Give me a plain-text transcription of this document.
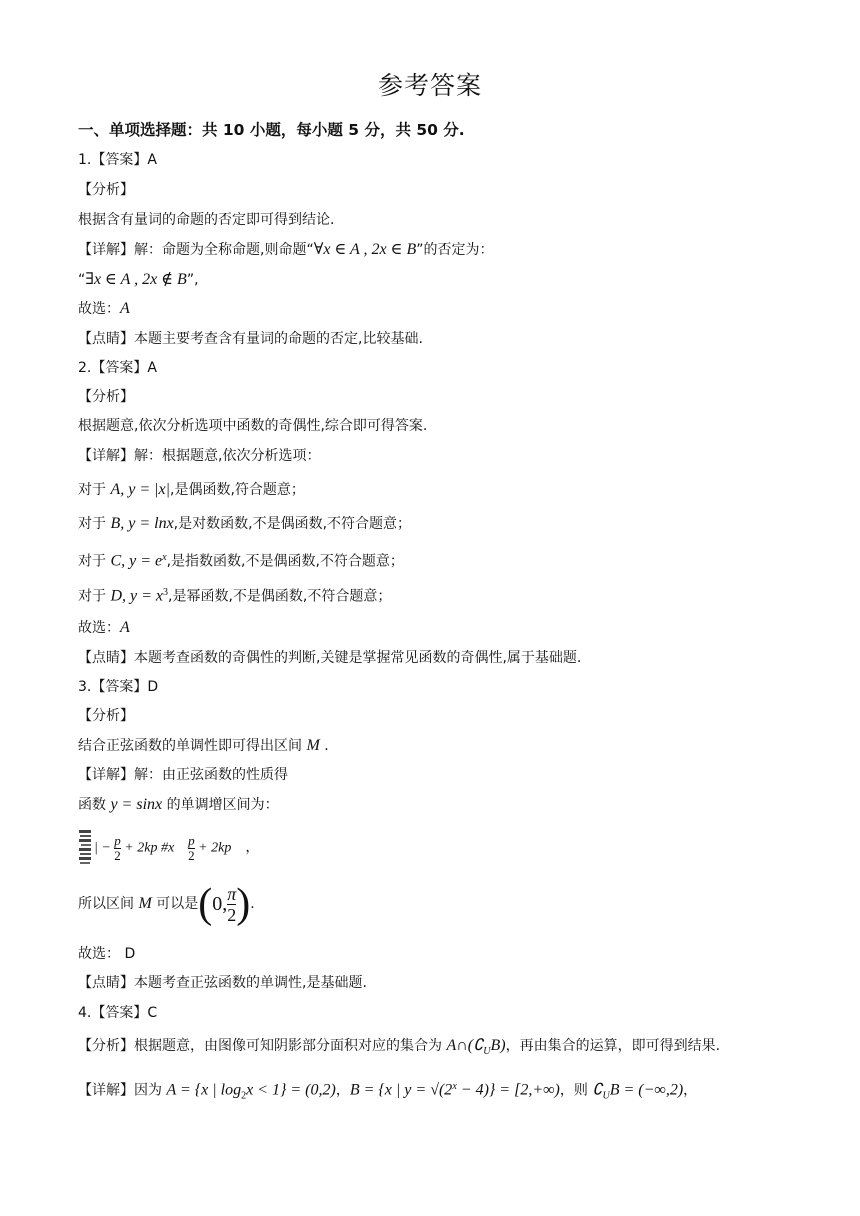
参考答案
一、单项选择题：共 10 小题，每小题 5 分，共 50 分.
1.【答案】A
【分析】
根据含有量词的命题的否定即可得到结论.
【详解】解：命题为全称命题,则命题“∀x ∈ A , 2x ∈ B”的否定为：
“∃x ∈ A , 2x ∉ B”,
故选：A
【点睛】本题主要考查含有量词的命题的否定,比较基础.
2.【答案】A
【分析】
根据题意,依次分析选项中函数的奇偶性,综合即可得答案.
【详解】解：根据题意,依次分析选项：
对于 A, y = |x|,是偶函数,符合题意；
对于 B, y = lnx,是对数函数,不是偶函数,不符合题意；
对于 C, $y = e^x$,是指数函数,不是偶函数,不符合题意；
对于 D, $y = x^3$,是幂函数,不是偶函数,不符合题意；
故选：A
【点睛】本题考查函数的奇偶性的判断,关键是掌握常见函数的奇偶性,属于基础题.
3.【答案】D
【分析】
结合正弦函数的单调性即可得出区间 M .
【详解】解：由正弦函数的性质得
函数 y = sinx 的单调增区间为：
| − $\frac{p}{2} + 2kp$ #x $\frac{p}{2} + 2kp$ ，
所以区间 M 可以是($0,\frac{\pi}{2}$ ).
故选： D
【点睛】本题考查正弦函数的单调性,是基础题.
4.【答案】C
【分析】根据题意，由图像可知阴影部分面积对应的集合为 $A\cap(∁_UB)$，再由集合的运算，即可得到结果.
【详解】因为 A = {x | $\log_2x < 1\} = (0,2)$，B = {x | $y = √(2^x - 4)\} = [2,+\infty)$，则 $∁_UB = (-\infty,2)$，
